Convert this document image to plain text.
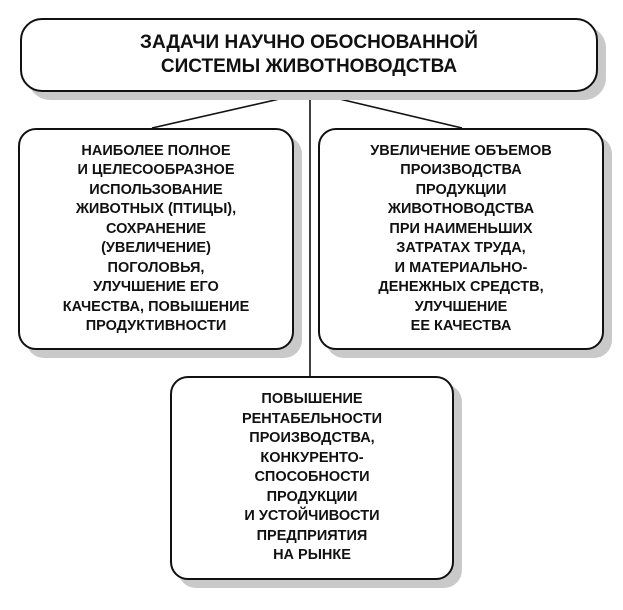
ЗАДАЧИ НАУЧНО ОБОСНОВАННОЙ
СИСТЕМЫ ЖИВОТНОВОДСТВА
НАИБОЛЕЕ ПОЛНОЕ
И ЦЕЛЕСООБРАЗНОЕ
ИСПОЛЬЗОВАНИЕ
ЖИВОТНЫХ (ПТИЦЫ),
СОХРАНЕНИЕ
(УВЕЛИЧЕНИЕ)
ПОГОЛОВЬЯ,
УЛУЧШЕНИЕ ЕГО
КАЧЕСТВА, ПОВЫШЕНИЕ
ПРОДУКТИВНОСТИ
УВЕЛИЧЕНИЕ ОБЪЕМОВ
ПРОИЗВОДСТВА
ПРОДУКЦИИ
ЖИВОТНОВОДСТВА
ПРИ НАИМЕНЬШИХ
ЗАТРАТАХ ТРУДА,
И МАТЕРИАЛЬНО-
ДЕНЕЖНЫХ СРЕДСТВ,
УЛУЧШЕНИЕ
ЕЕ КАЧЕСТВА
ПОВЫШЕНИЕ
РЕНТАБЕЛЬНОСТИ
ПРОИЗВОДСТВА,
КОНКУРЕНТО-
СПОСОБНОСТИ
ПРОДУКЦИИ
И УСТОЙЧИВОСТИ
ПРЕДПРИЯТИЯ
НА РЫНКЕ
